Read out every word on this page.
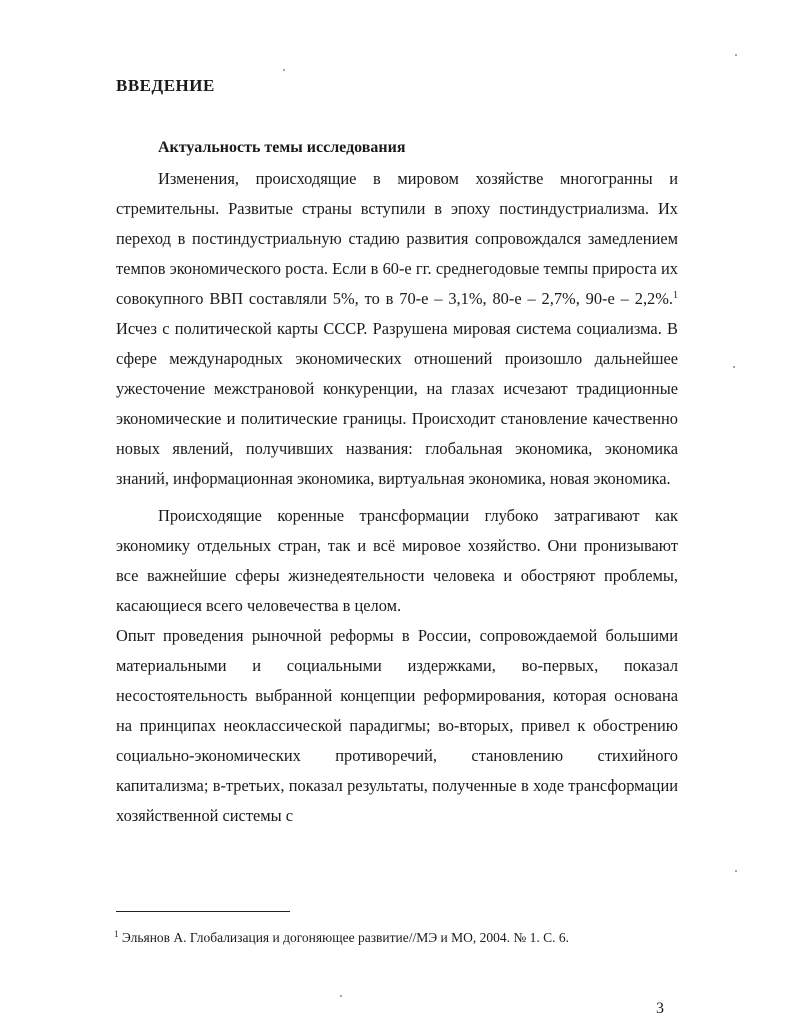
ВВЕДЕНИЕ
Актуальность темы исследования

Изменения, происходящие в мировом хозяйстве многогранны и стремительны. Развитые страны вступили в эпоху постиндустриализма. Их переход в постиндустриальную стадию развития сопровождался замедлением темпов экономического роста. Если в 60-е гг. среднегодовые темпы прироста их совокупного ВВП составляли 5%, то в 70-е – 3,1%, 80-е – 2,7%, 90-е – 2,2%.$^1$ Исчез с политической карты СССР. Разрушена мировая система социализма. В сфере международных экономических отношений произошло дальнейшее ужесточение межстрановой конкуренции, на глазах исчезают традиционные экономические и политические границы. Происходит становление качественно новых явлений, получивших названия: глобальная экономика, экономика знаний, информационная экономика, виртуальная экономика, новая экономика.

Происходящие коренные трансформации глубоко затрагивают как экономику отдельных стран, так и всё мировое хозяйство. Они пронизывают все важнейшие сферы жизнедеятельности человека и обостряют проблемы, касающиеся всего человечества в целом.

Опыт проведения рыночной реформы в России, сопровождаемой большими материальными и социальными издержками, во-первых, показал несостоятельность выбранной концепции реформирования, которая основана на принципах неоклассической парадигмы; во-вторых, привел к обострению социально-экономических противоречий, становлению стихийного капитализма; в-третьих, показал результаты, полученные в ходе трансформации хозяйственной системы с

$^1$ Эльянов А. Глобализация и догоняющее развитие//МЭ и МО, 2004. № 1. С. 6.

3
